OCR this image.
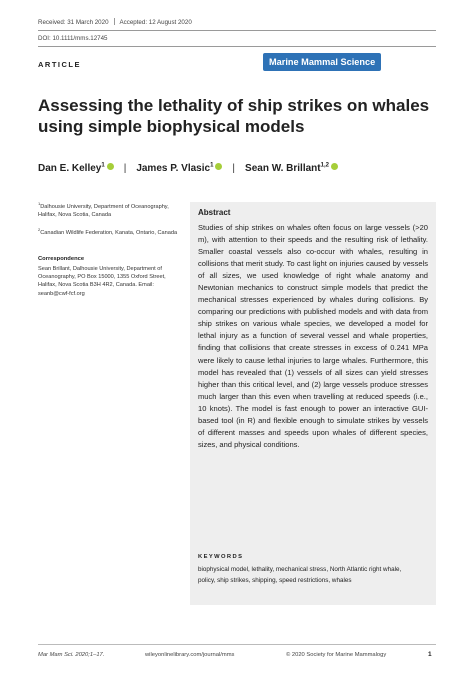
Received: 31 March 2020 Accepted: 12 August 2020
DOI: 10.1111/mms.12745
ARTICLE	Marine Mammal Science
Assessing the lethality of ship strikes on whales using simple biophysical models
Dan E. Kelley$^1$ | James P. Vlasic$^1$ | Sean W. Brillant$^{1,2}$
$^1$Dalhousie University, Department of Oceanography, Halifax, Nova Scotia, Canada
$^2$Canadian Wildlife Federation, Kanata, Ontario, Canada
Correspondence
Sean Brillant, Dalhousie University, Department of Oceanography, PO Box 15000, 1355 Oxford Street, Halifax, Nova Scotia B3H 4R2, Canada. Email: seanb@cwf-fcf.org
Abstract
Studies of ship strikes on whales often focus on large vessels (>20 m), with attention to their speeds and the resulting risk of lethality. Smaller coastal vessels also co-occur with whales, resulting in collisions that merit study. To cast light on injuries caused by vessels of all sizes, we used knowledge of right whale anatomy and Newtonian mechanics to construct simple models that predict the mechanical stresses experienced by whales during collisions. By comparing our predictions with published models and with data from ship strikes on various whale species, we developed a model for lethal injury as a function of several vessel and whale properties, finding that collisions that create stresses in excess of 0.241 MPa were likely to cause lethal injuries to large whales. Furthermore, this model has revealed that (1) vessels of all sizes can yield stresses higher than this critical level, and (2) large vessels produce stresses much larger than this even when travelling at reduced speeds (i.e., 10 knots). The model is fast enough to power an interactive GUI-based tool (in R) and flexible enough to simulate strikes by vessels of different masses and speeds upon whales of different species, sizes, and physical conditions.
KEYWORDS
biophysical model, lethality, mechanical stress, North Atlantic right whale, policy, ship strikes, shipping, speed restrictions, whales
Mar Mam Sci. 2020;1–17.	wileyonlinelibrary.com/journal/mms	© 2020 Society for Marine Mammalogy	1
